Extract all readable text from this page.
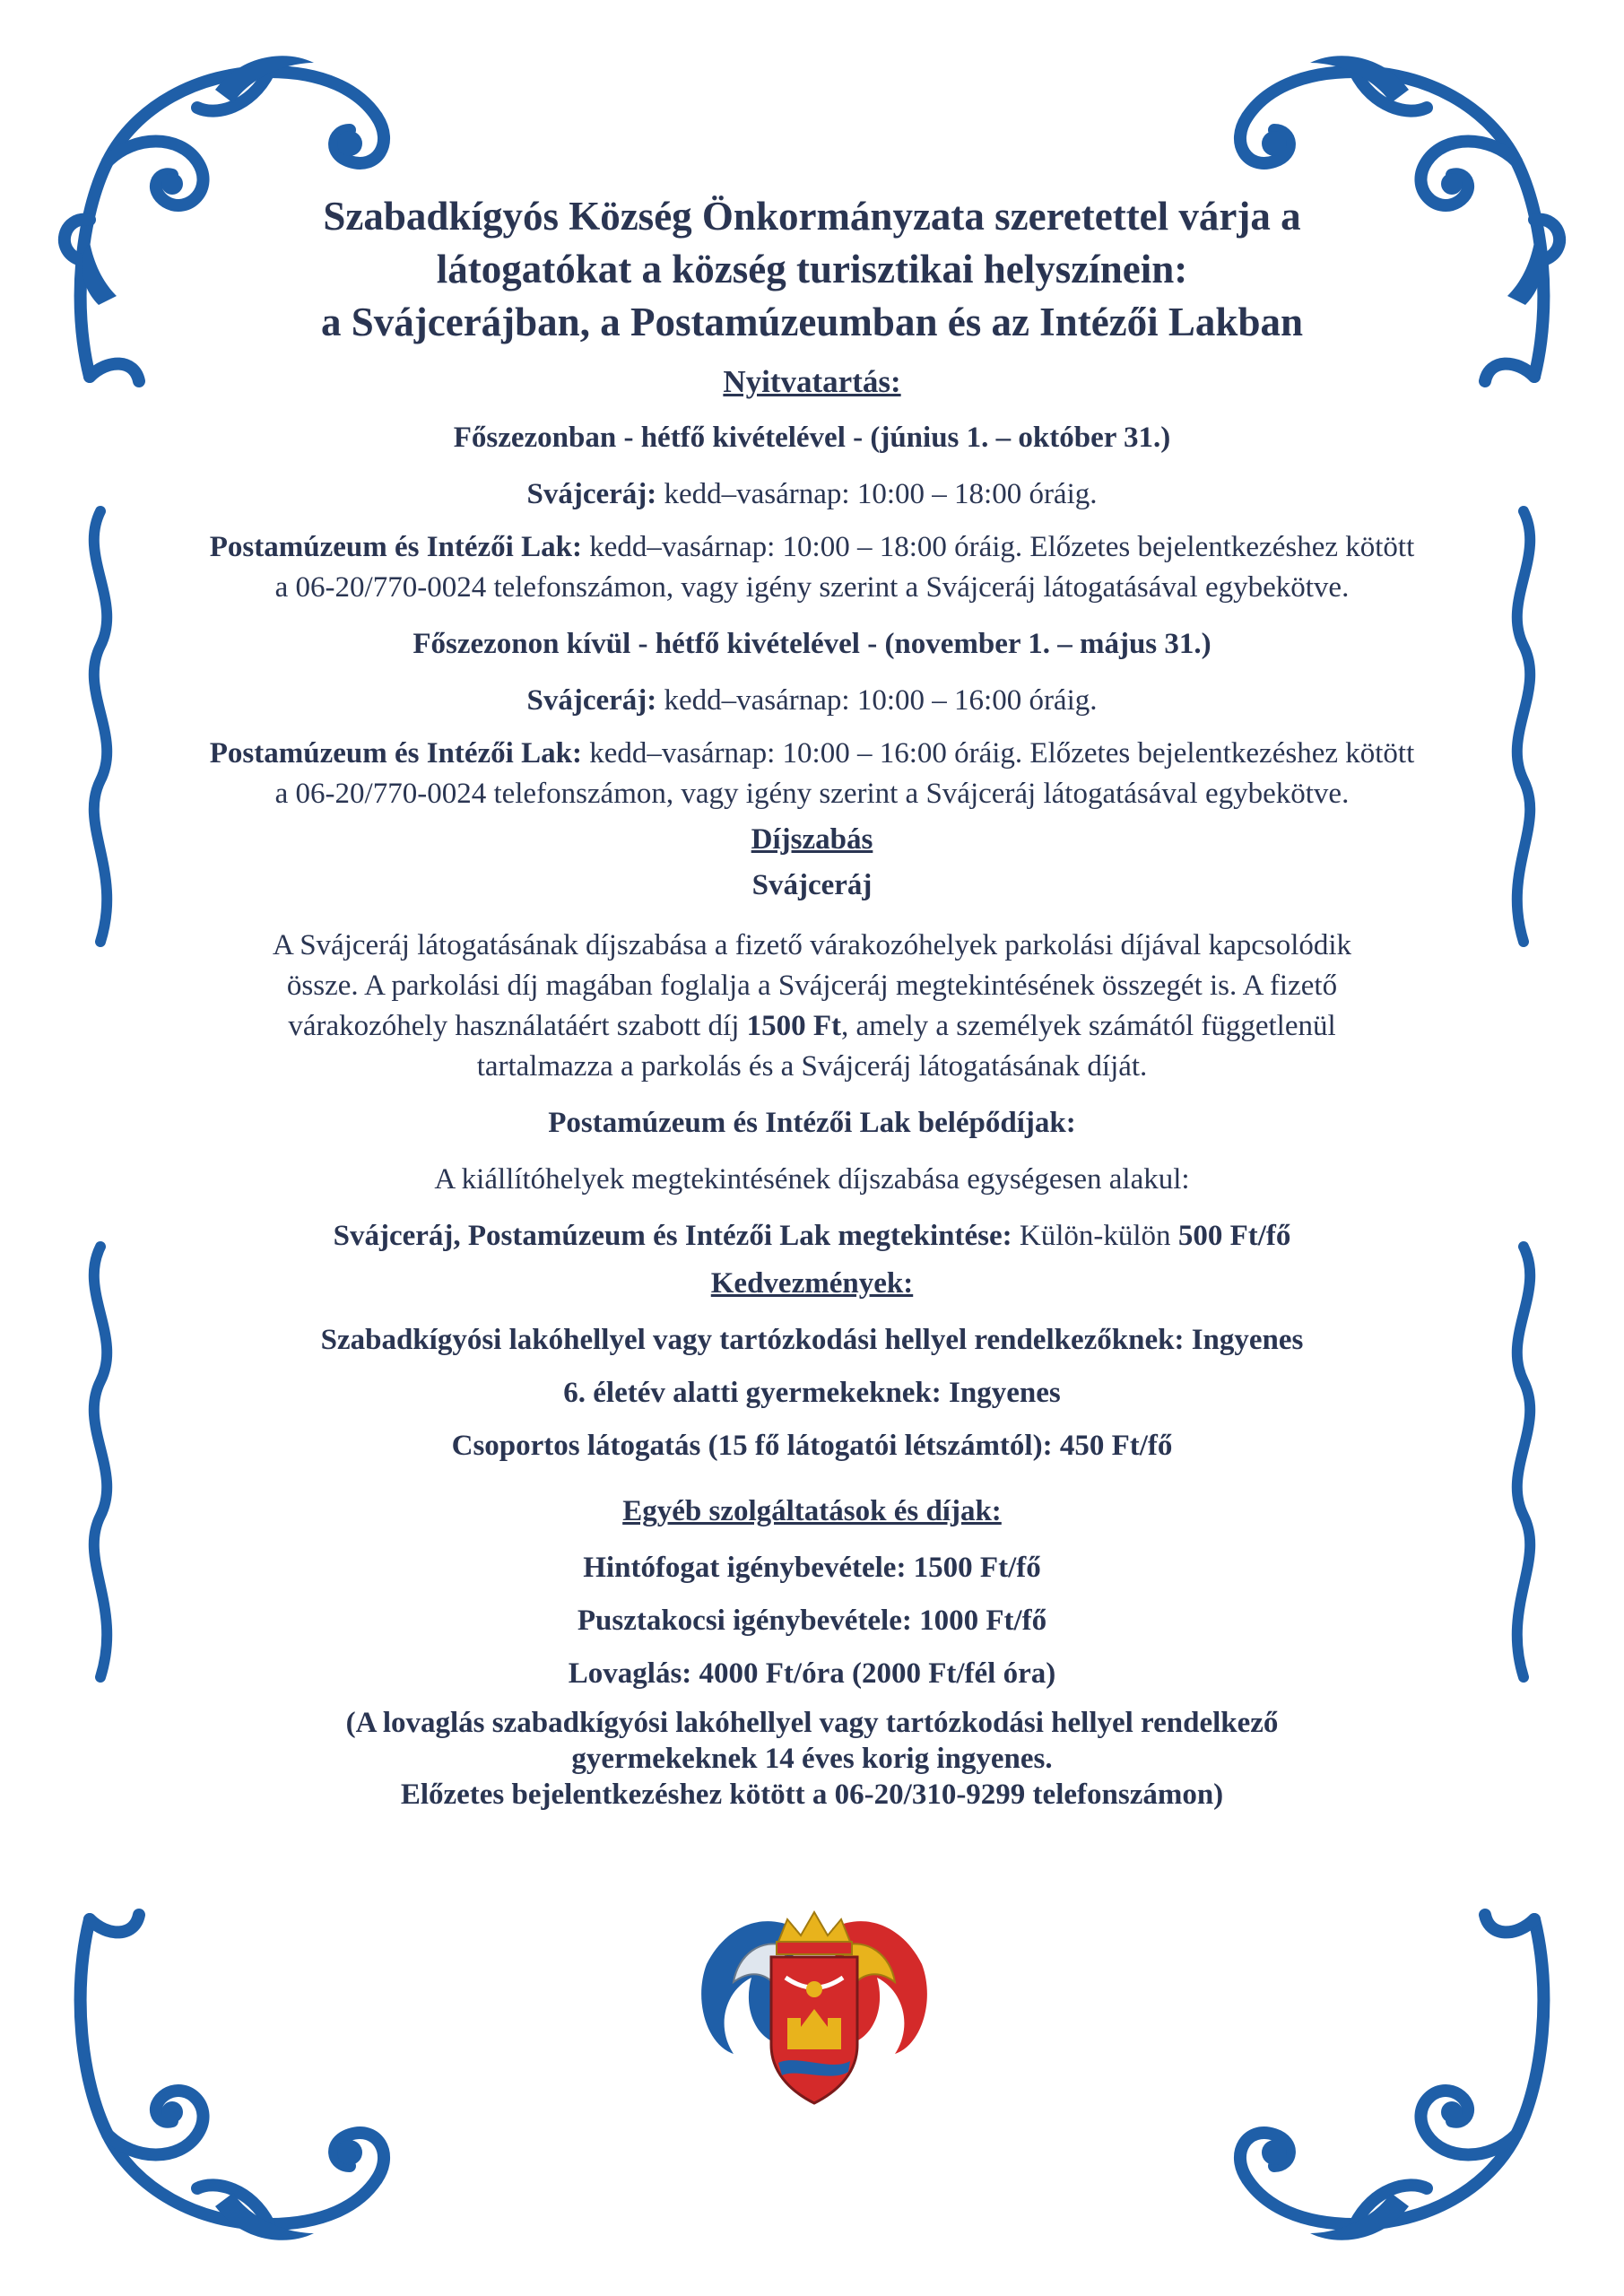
Szabadkígyós Község Önkormányzata szeretettel várja a
látogatókat a község turisztikai helyszínein:
a Svájcerájban, a Postamúzeumban és az Intézői Lakban
Nyitvatartás:
Főszezonban - hétfő kivételével - (június 1. – október 31.)
Svájceráj: kedd–vasárnap: 10:00 – 18:00 óráig.
Postamúzeum és Intézői Lak: kedd–vasárnap: 10:00 – 18:00 óráig. Előzetes bejelentkezéshez kötött
a 06-20/770-0024 telefonszámon, vagy igény szerint a Svájceráj látogatásával egybekötve.
Főszezonon kívül - hétfő kivételével - (november 1. – május 31.)
Svájceráj: kedd–vasárnap: 10:00 – 16:00 óráig.
Postamúzeum és Intézői Lak: kedd–vasárnap: 10:00 – 16:00 óráig. Előzetes bejelentkezéshez kötött
a 06-20/770-0024 telefonszámon, vagy igény szerint a Svájceráj látogatásával egybekötve.
Díjszabás
Svájceráj
A Svájceráj látogatásának díjszabása a fizető várakozóhelyek parkolási díjával kapcsolódik
össze. A parkolási díj magában foglalja a Svájceráj megtekintésének összegét is. A fizető
várakozóhely használatáért szabott díj 1500 Ft, amely a személyek számától függetlenül
tartalmazza a parkolás és a Svájceráj látogatásának díját.
Postamúzeum és Intézői Lak belépődíjak:
A kiállítóhelyek megtekintésének díjszabása egységesen alakul:
Svájceráj, Postamúzeum és Intézői Lak megtekintése: Külön-külön 500 Ft/fő
Kedvezmények:
Szabadkígyósi lakóhellyel vagy tartózkodási hellyel rendelkezőknek: Ingyenes
6. életév alatti gyermekeknek: Ingyenes
Csoportos látogatás (15 fő látogatói létszámtól): 450 Ft/fő
Egyéb szolgáltatások és díjak:
Hintófogat igénybevétele: 1500 Ft/fő
Pusztakocsi igénybevétele: 1000 Ft/fő
Lovaglás: 4000 Ft/óra (2000 Ft/fél óra)
(A lovaglás szabadkígyósi lakóhellyel vagy tartózkodási hellyel rendelkező
gyermekeknek 14 éves korig ingyenes.
Előzetes bejelentkezéshez kötött a 06-20/310-9299 telefonszámon)
